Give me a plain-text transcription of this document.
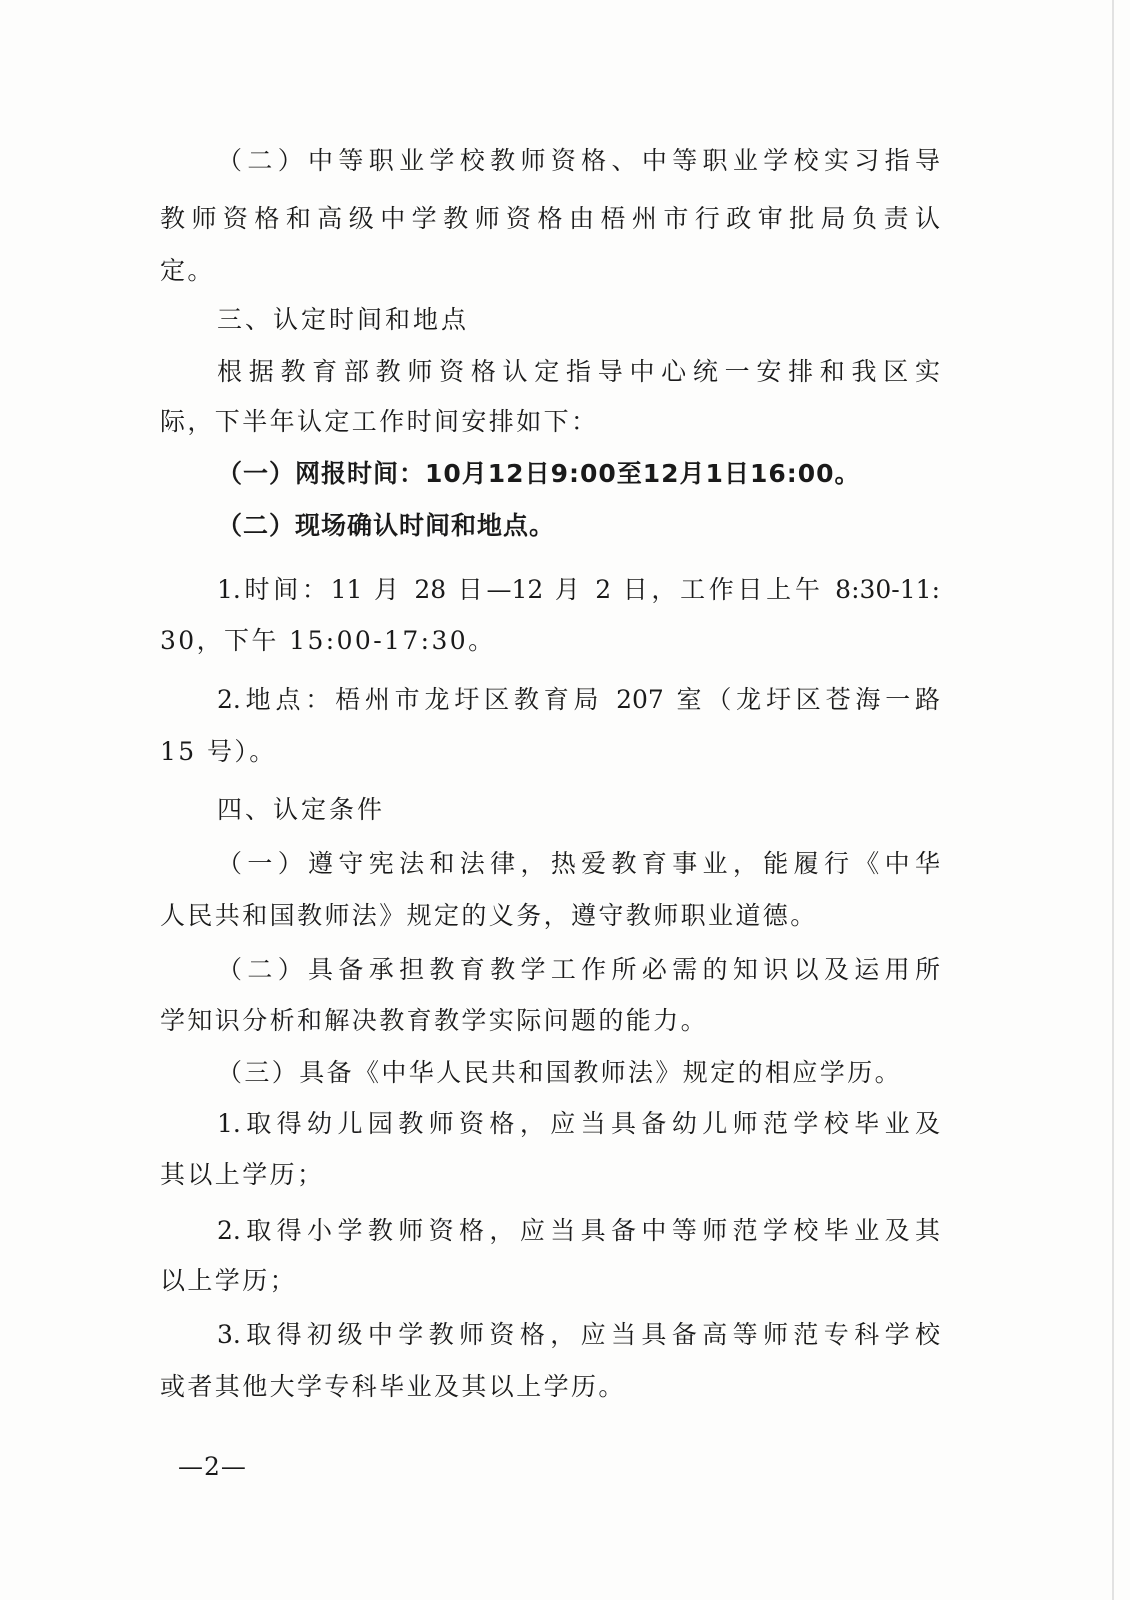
（二）中等职业学校教师资格、中等职业学校实习指导
教师资格和高级中学教师资格由梧州市行政审批局负责认
定。
三、认定时间和地点
根据教育部教师资格认定指导中心统一安排和我区实
际，下半年认定工作时间安排如下：
（一）网报时间：10月12日9:00至12月1日16:00。
（二）现场确认时间和地点。
1.时间：11 月 28 日—12 月 2 日，工作日上午 8:30-11:
30，下午 15:00-17:30。
2.地点：梧州市龙圩区教育局 207 室（龙圩区苍海一路
15 号）。
四、认定条件
（一）遵守宪法和法律，热爱教育事业，能履行《中华
人民共和国教师法》规定的义务，遵守教师职业道德。
（二）具备承担教育教学工作所必需的知识以及运用所
学知识分析和解决教育教学实际问题的能力。
（三）具备《中华人民共和国教师法》规定的相应学历。
1.取得幼儿园教师资格，应当具备幼儿师范学校毕业及
其以上学历；
2.取得小学教师资格，应当具备中等师范学校毕业及其
以上学历；
3.取得初级中学教师资格，应当具备高等师范专科学校
或者其他大学专科毕业及其以上学历。
—2—
